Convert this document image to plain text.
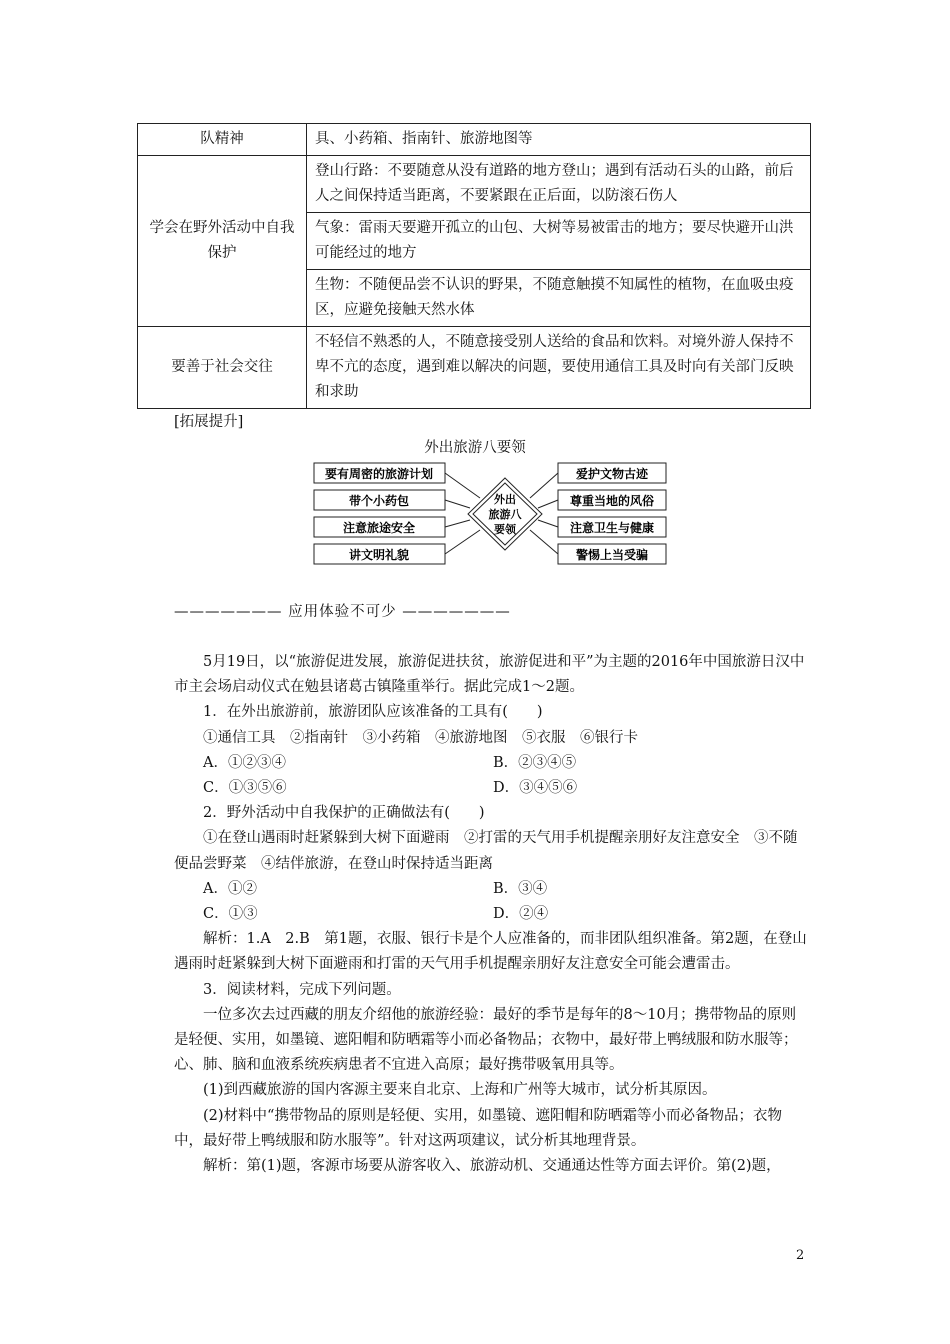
队精神	具、小药箱、指南针、旅游地图等
学会在野外活动中自我保护	登山行路：不要随意从没有道路的地方登山；遇到有活动石头的山路，前后人之间保持适当距离，不要紧跟在正后面，以防滚石伤人
	气象：雷雨天要避开孤立的山包、大树等易被雷击的地方；要尽快避开山洪可能经过的地方
	生物：不随便品尝不认识的野果，不随意触摸不知属性的植物，在血吸虫疫区，应避免接触天然水体
要善于社会交往	不轻信不熟悉的人，不随意接受别人送给的食品和饮料。对境外游人保持不卑不亢的态度，遇到难以解决的问题，要使用通信工具及时向有关部门反映和求助
[拓展提升]
外出旅游八要领
要有周密的旅游计划
带个小药包
注意旅途安全
讲文明礼貌
爱护文物古迹
尊重当地的风俗
注意卫生与健康
警惕上当受骗
外出
旅游八
要领
——————— 应用体验不可少 ———————

5月19日，以“旅游促进发展，旅游促进扶贫，旅游促进和平”为主题的2016年中国旅游日汉中市主会场启动仪式在勉县诸葛古镇隆重举行。据此完成1～2题。

1．在外出旅游前，旅游团队应该准备的工具有(　　)

①通信工具　②指南针　③小药箱　④旅游地图　⑤衣服　⑥银行卡

A．①②③④	B．②③④⑤

C．①③⑤⑥	D．③④⑤⑥

2．野外活动中自我保护的正确做法有(　　)

①在登山遇雨时赶紧躲到大树下面避雨　②打雷的天气用手机提醒亲朋好友注意安全　③不随便品尝野菜　④结伴旅游，在登山时保持适当距离

A．①②	B．③④

C．①③	D．②④

解析：1.A　2.B　第1题，衣服、银行卡是个人应准备的，而非团队组织准备。第2题，在登山遇雨时赶紧躲到大树下面避雨和打雷的天气用手机提醒亲朋好友注意安全可能会遭雷击。

3．阅读材料，完成下列问题。

一位多次去过西藏的朋友介绍他的旅游经验：最好的季节是每年的8～10月；携带物品的原则是轻便、实用，如墨镜、遮阳帽和防晒霜等小而必备物品；衣物中，最好带上鸭绒服和防水服等；心、肺、脑和血液系统疾病患者不宜进入高原；最好携带吸氧用具等。

(1)到西藏旅游的国内客源主要来自北京、上海和广州等大城市，试分析其原因。

(2)材料中“携带物品的原则是轻便、实用，如墨镜、遮阳帽和防晒霜等小而必备物品；衣物中，最好带上鸭绒服和防水服等”。针对这两项建议，试分析其地理背景。

解析：第(1)题，客源市场要从游客收入、旅游动机、交通通达性等方面去评价。第(2)题，

2
